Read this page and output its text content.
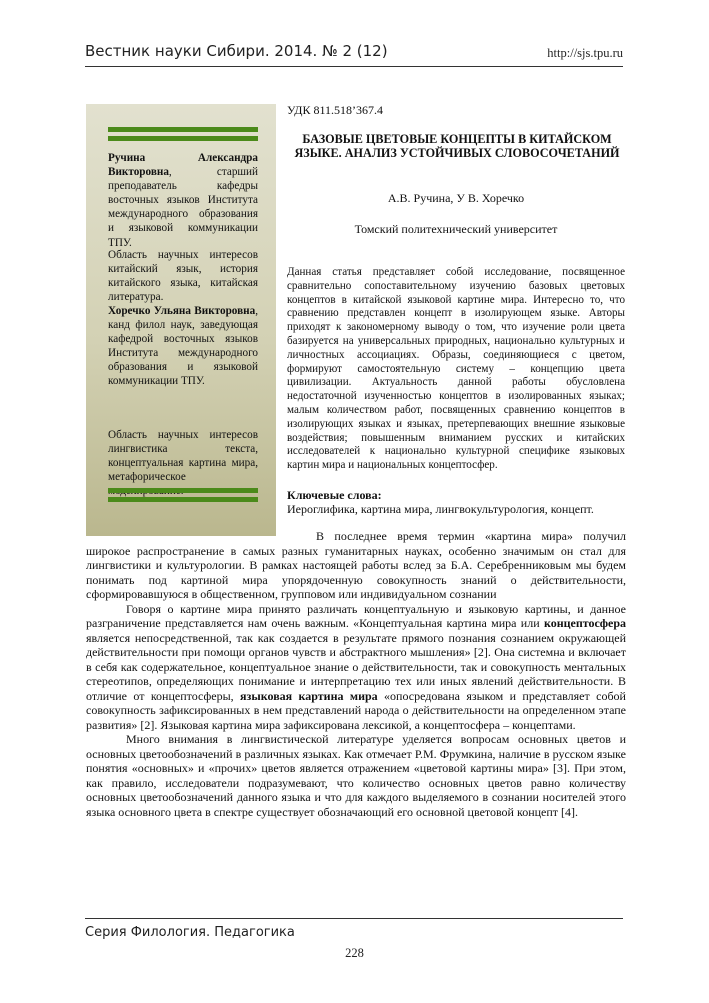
Вестник науки Сибири. 2014. № 2 (12)	http://sjs.tpu.ru

Ручина Александра Викторовна, старший преподаватель кафедры восточных языков Института международного образования и языковой коммуникации ТПУ.

Область научных интересов китайский язык, история китайского языка, китайская литература.

Хоречко Ульяна Викторовна, канд филол наук, заведующая кафедрой восточных языков Института международного образования и языковой коммуникации ТПУ.

Область научных интересов лингвистика текста, концептуальная картина мира, метафорическое

УДК 811.518’367.4
БАЗОВЫЕ ЦВЕТОВЫЕ КОНЦЕПТЫ В КИТАЙСКОМ ЯЗЫКЕ. АНАЛИЗ УСТОЙЧИВЫХ СЛОВОСОЧЕТАНИЙ
А.В. Ручина, У В. Хоречко
Томский политехнический университет
Данная статья представляет собой исследование, посвященное сравнительно сопоставительному изучению базовых цветовых концептов в китайской языковой картине мира. Интересно то, что сравнению представлен концепт в изолирующем языке. Авторы приходят к закономерному выводу о том, что изучение роли цвета базируется на универсальных природных, национально культурных и личностных ассоциациях. Образы, соединяющиеся с цветом, формируют самостоятельную систему – концепцию цвета цивилизации. Актуальность данной работы обусловлена недостаточной изученностью концептов в изолированных языках; малым количеством работ, посвященных сравнению концептов в изолирующих языках и языках, претерпевающих внешние языковые воздействия; повышенным вниманием русских и китайских исследователей к национально культурной специфике языковых картин мира и национальных концептосфер.
Ключевые слова:
Иероглифика, картина мира, лингвокультурология, концепт.

В последнее время термин «картина мира» получил широкое распространение в самых разных гуманитарных науках, особенно значимым он стал для лингвистики и культурологии. В рамках настоящей работы вслед за Б.А. Серебренниковым мы будем понимать под картиной мира упорядоченную совокупность знаний о действительности, сформировавшуюся в общественном, групповом или индивидуальном сознании

Говоря о картине мира принято различать концептуальную и языковую картины, и данное разграничение представляется нам очень важным. «Концептуальная картина мира или концептосфера является непосредственной, так как создается в результате прямого познания сознанием окружающей действительности при помощи органов чувств и абстрактного мышления» [2]. Она системна и включает в себя как содержательное, концептуальное знание о действительности, так и совокупность ментальных стереотипов, определяющих понимание и интерпретацию тех или иных явлений действительности. В отличие от концептосферы, языковая картина мира «опосредована языком и представляет собой совокупность зафиксированных в нем представлений народа о действительности на определенном этапе развития» [2]. Языковая картина мира зафиксирована лексикой, а концептосфера – концептами.

Много внимания в лингвистической литературе уделяется вопросам основных цветов и основных цветообозначений в различных языках. Как отмечает Р.М. Фрумкина, наличие в русском языке понятия «основных» и «прочих» цветов является отражением «цветовой картины мира» [3]. При этом, как правило, исследователи подразумевают, что количество основных цветов равно количеству основных цветообозначений данного языка и что для каждого выделяемого в сознании носителей этого языка основного цвета в спектре существует обозначающий его основной цветовой концепт [4].

Серия Филология. Педагогика
228
